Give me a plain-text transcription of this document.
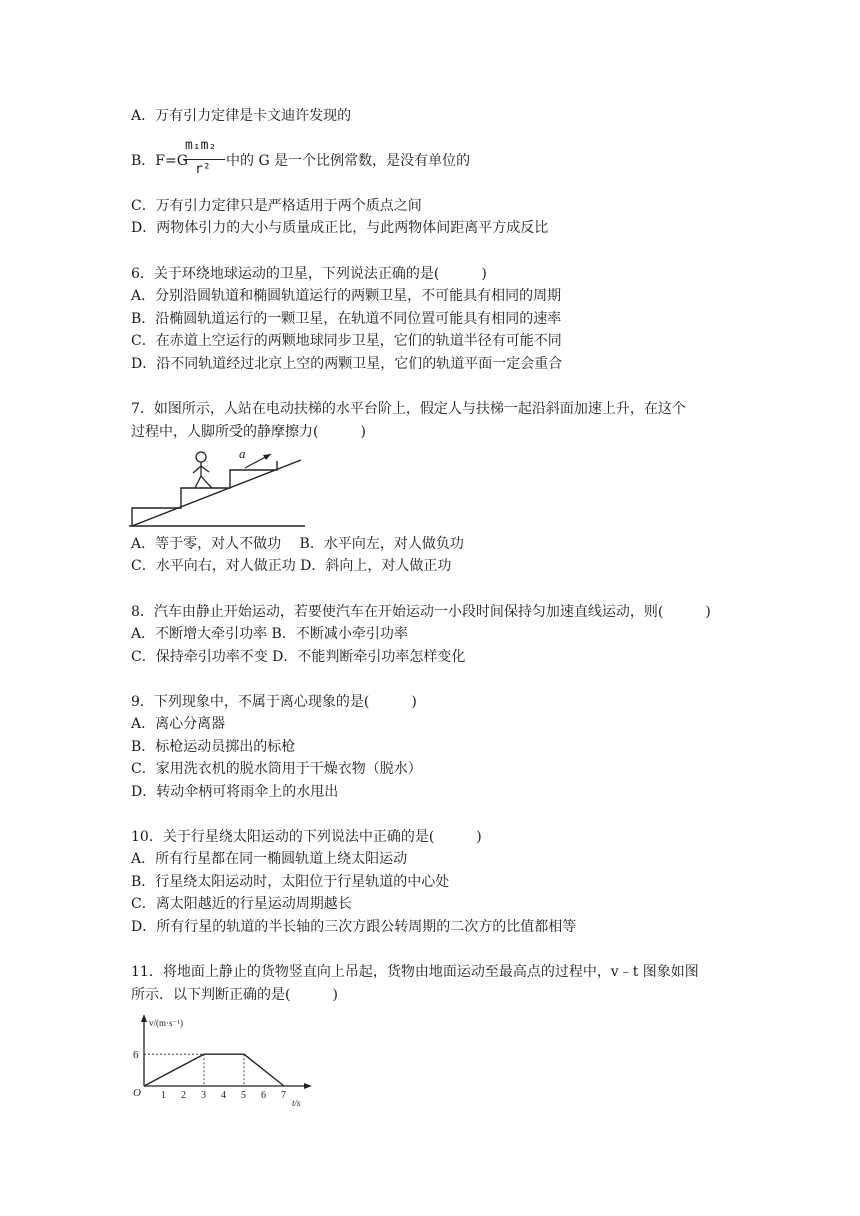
A．万有引力定律是卡文迪许发现的
B．F=G
m₁m₂
r²
中的 G 是一个比例常数，是没有单位的
C．万有引力定律只是严格适用于两个质点之间
D．两物体引力的大小与质量成正比，与此两物体间距离平方成反比
6．关于环绕地球运动的卫星，下列说法正确的是(　　　)
A．分别沿圆轨道和椭圆轨道运行的两颗卫星，不可能具有相同的周期
B．沿椭圆轨道运行的一颗卫星，在轨道不同位置可能具有相同的速率
C．在赤道上空运行的两颗地球同步卫星，它们的轨道半径有可能不同
D．沿不同轨道经过北京上空的两颗卫星，它们的轨道平面一定会重合
7．如图所示，人站在电动扶梯的水平台阶上，假定人与扶梯一起沿斜面加速上升，在这个
过程中，人脚所受的静摩擦力(　　　)
a
A．等于零，对人不做功　 B．水平向左，对人做负功
C．水平向右，对人做正功 D．斜向上，对人做正功
8．汽车由静止开始运动，若要使汽车在开始运动一小段时间保持匀加速直线运动，则(　　　)
A．不断增大牵引功率 B．不断减小牵引功率
C．保持牵引功率不变 D．不能判断牵引功率怎样变化
9．下列现象中，不属于离心现象的是(　　　)
A．离心分离器
B．标枪运动员掷出的标枪
C．家用洗衣机的脱水筒用于干燥衣物（脱水）
D．转动伞柄可将雨伞上的水甩出
10．关于行星绕太阳运动的下列说法中正确的是(　　　)
A．所有行星都在同一椭圆轨道上绕太阳运动
B．行星绕太阳运动时，太阳位于行星轨道的中心处
C．离太阳越近的行星运动周期越长
D．所有行星的轨道的半长轴的三次方跟公转周期的二次方的比值都相等
11．将地面上静止的货物竖直向上吊起，货物由地面运动至最高点的过程中，v﹣t 图象如图
所示．以下判断正确的是(　　　)
v/(m·s⁻¹)
t/s
O 1 2 3 4 5 6 7
6
